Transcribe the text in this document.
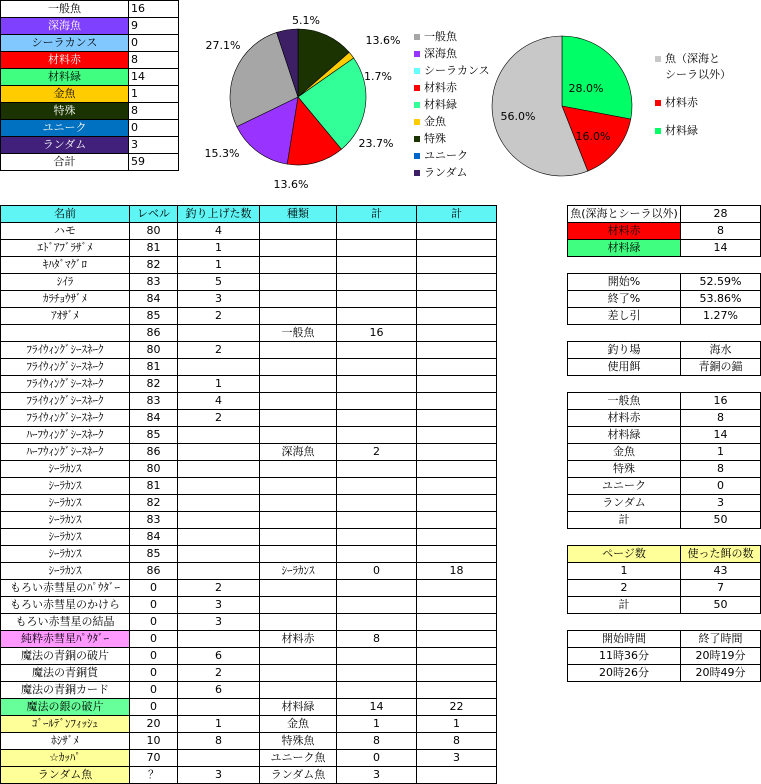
一般魚	16
深海魚	9
シーラカンス	0
材料赤	8
材料緑	14
金魚	1
特殊	8
ユニーク	0
ランダム	3
合計	59
5.1%
13.6%
1.7%
23.7%
13.6%
15.3%
27.1%
一般魚
深海魚
シーラカンス
材料赤
材料緑
金魚
特殊
ユニーク
ランダム
28.0%
16.0%
56.0%
魚（深海と
シーラ以外）
材料赤
材料緑
名前	レベル	釣り上げた数	種類	計	計
ハモ	80	4			
ｴﾄﾞｱﾌﾞﾗｻﾞﾒ	81	1			
ｷﾊﾀﾞﾏｸﾞﾛ	82	1			
ｼｲﾗ	83	5			
ｶﾗﾁｮｳｻﾞﾒ	84	3			
ｱｵｻﾞﾒ	85	2			
	86		一般魚	16	
ﾌﾗｲｳｨﾝｸﾞｼｰｽﾈｰｸ	80	2			
ﾌﾗｲｳｨﾝｸﾞｼｰｽﾈｰｸ	81				
ﾌﾗｲｳｨﾝｸﾞｼｰｽﾈｰｸ	82	1			
ﾌﾗｲｳｨﾝｸﾞｼｰｽﾈｰｸ	83	4			
ﾌﾗｲｳｨﾝｸﾞｼｰｽﾈｰｸ	84	2			
ﾊｰﾌｳｨﾝｸﾞｼｰｽﾈｰｸ	85				
ﾊｰﾌｳｨﾝｸﾞｼｰｽﾈｰｸ	86		深海魚	2	
ｼｰﾗｶﾝｽ	80				
ｼｰﾗｶﾝｽ	81				
ｼｰﾗｶﾝｽ	82				
ｼｰﾗｶﾝｽ	83				
ｼｰﾗｶﾝｽ	84				
ｼｰﾗｶﾝｽ	85				
ｼｰﾗｶﾝｽ	86		ｼｰﾗｶﾝｽ	0	18
もろい赤彗星のﾊﾟｳﾀﾞｰ	0	2			
もろい赤彗星のかけら	0	3			
もろい赤彗星の結晶	0	3			
純粋赤彗星ﾊﾟｳﾀﾞｰ	0		材料赤	8	
魔法の青銅の破片	0	6			
魔法の青銅貨	0	2			
魔法の青銅カード	0	6			
魔法の銀の破片	0		材料緑	14	22
ｺﾞｰﾙﾃﾞﾝﾌｨｯｼｭ	20	1	金魚	1	1
ﾎｼｻﾞﾒ	10	8	特殊魚	8	8
☆ｶｯﾊﾟ	70		ユニーク魚	0	3
ランダム魚	？	3	ランダム魚	3	
魚(深海とシーラ以外)	28
材料赤	8
材料緑	14
開始%	52.59%
終了%	53.86%
差し引	1.27%
釣り場	海水
使用餌	青銅の錨
一般魚	16
材料赤	8
材料緑	14
金魚	1
特殊	8
ユニーク	0
ランダム	3
計	50
ページ数	使った餌の数
1	43
2	7
計	50
開始時間	終了時間
11時36分	20時19分
20時26分	20時49分
